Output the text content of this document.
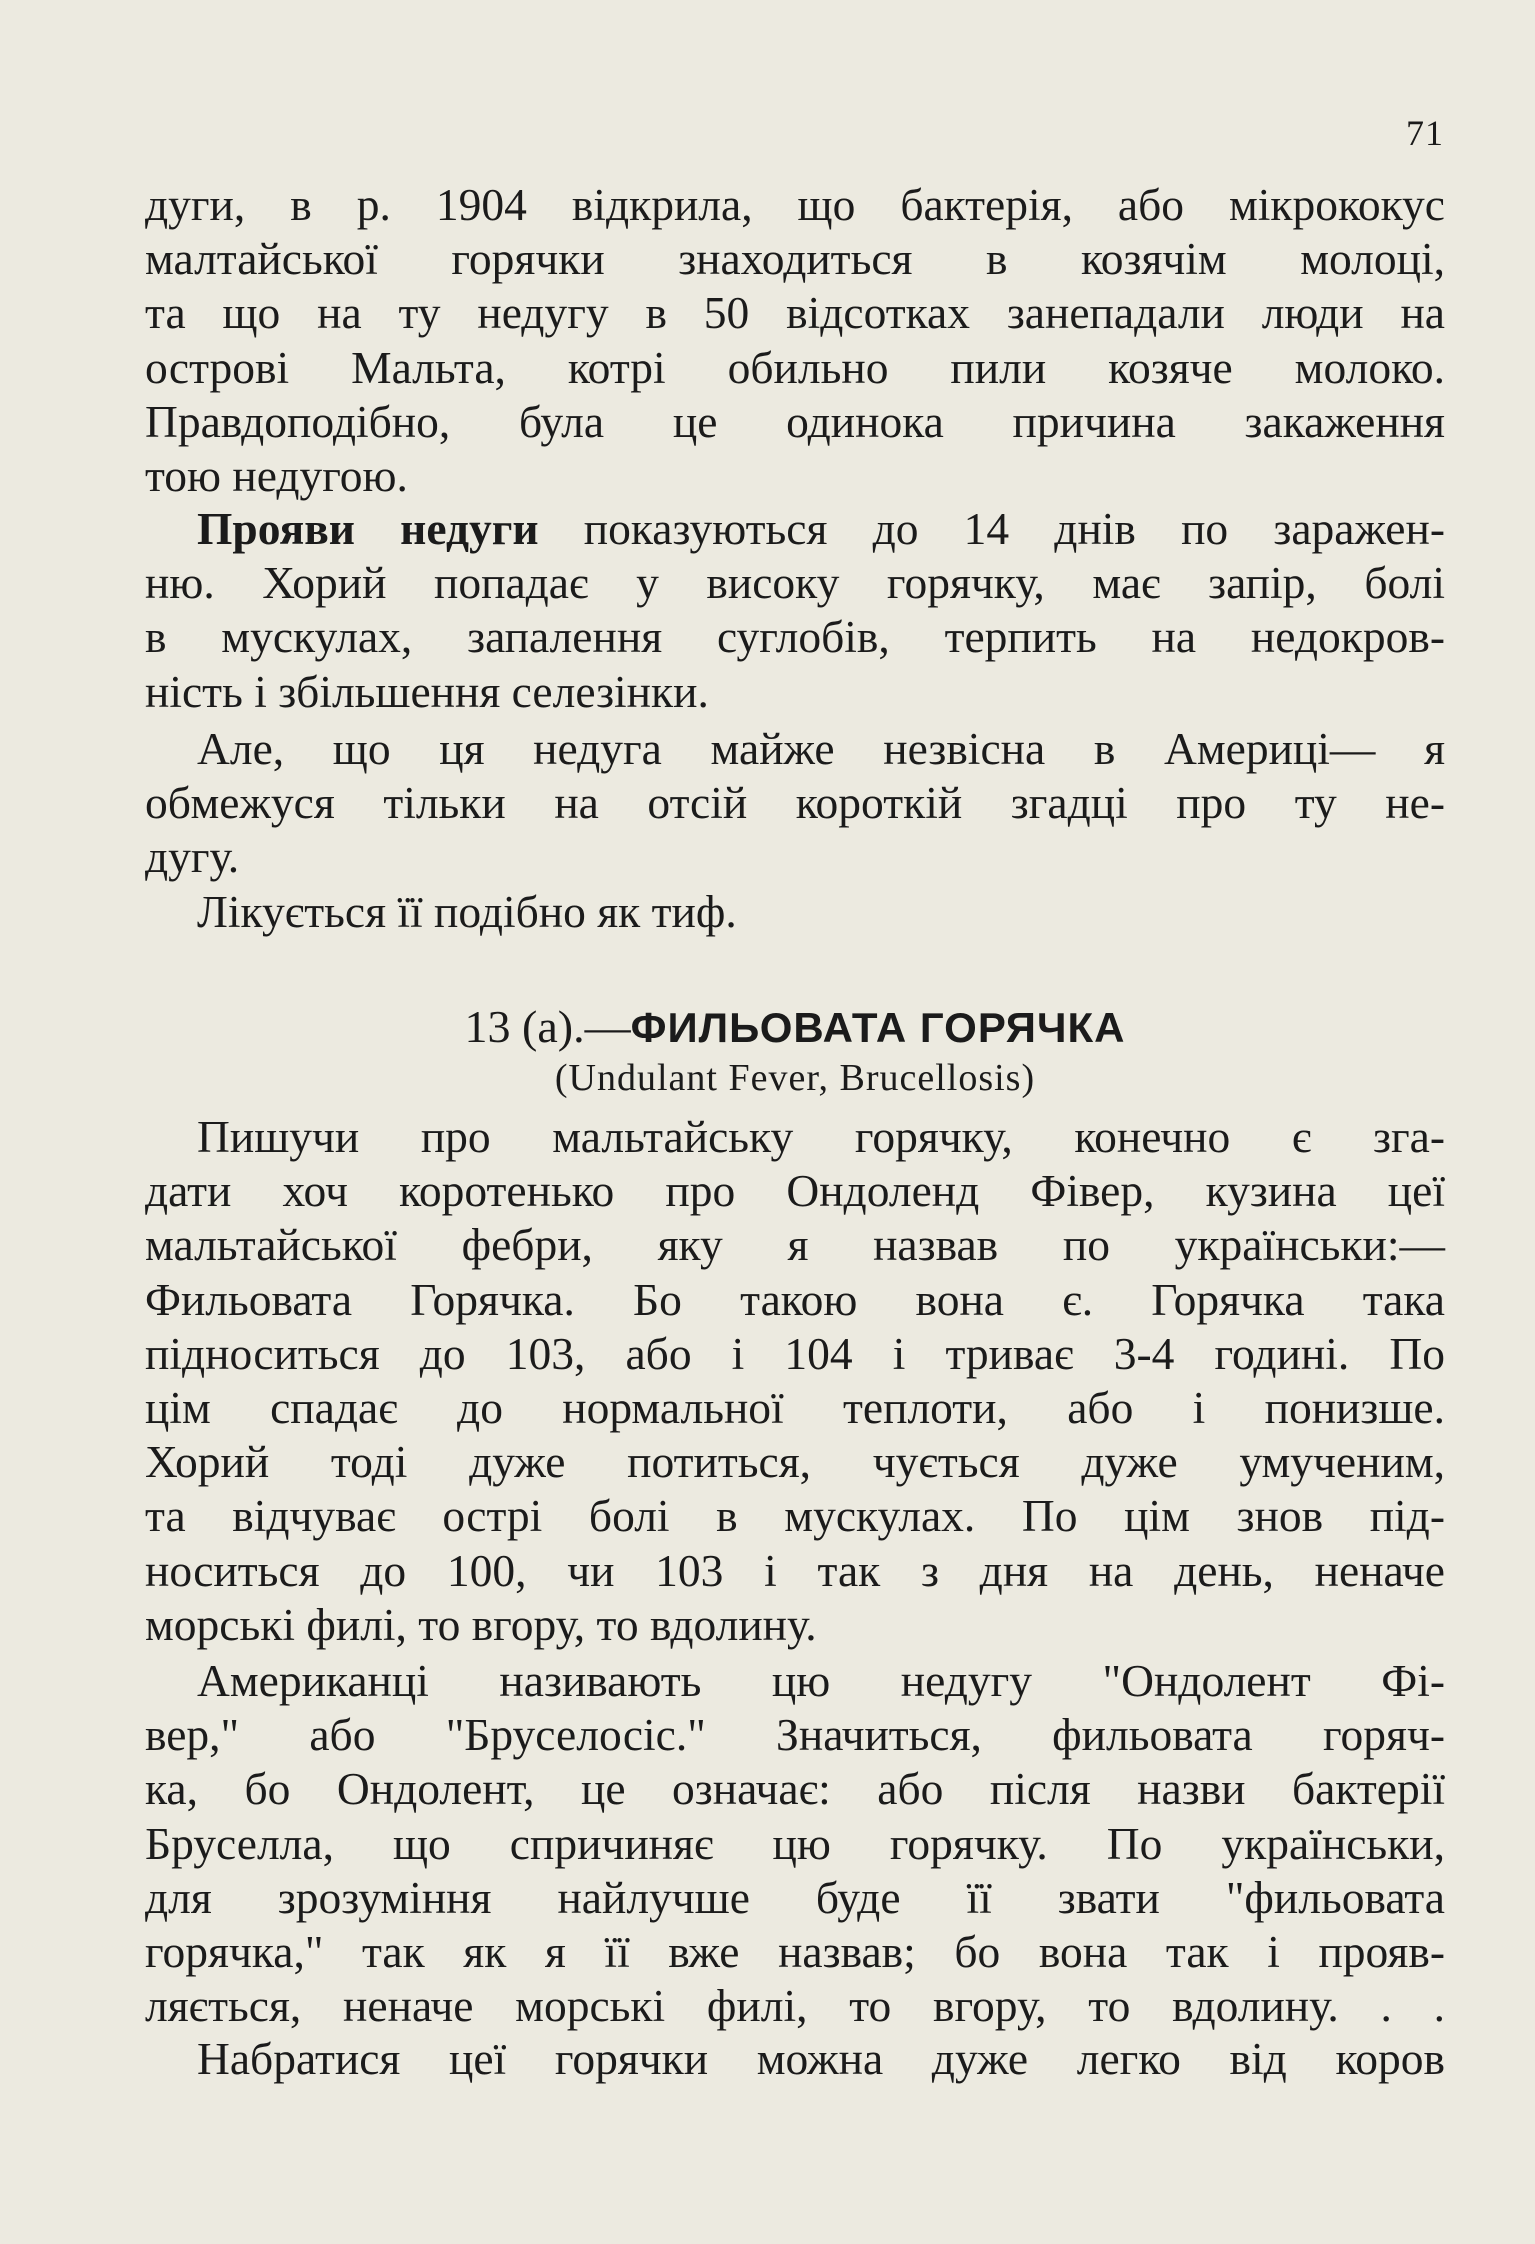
71
дуги, в р. 1904 відкрила, що бактерія, або мікрококус
малтайської горячки знаходиться в козячім молоці,
та що на ту недугу в 50 відсотках занепадали люди на
острові Мальта, котрі обильно пили козяче молоко.
Правдоподібно, була це одинока причина закаження
тою недугою.
Прояви недуги показуються до 14 днів по заражен-
ню. Хорий попадає у високу горячку, має запір, болі
в мускулах, запалення суглобів, терпить на недокров-
ність і збільшення селезінки.
Але, що ця недуга майже незвісна в Америці— я
обмежуся тільки на отсій короткій згадці про ту не-
дугу.
Лікується її подібно як тиф.
13 (а).—ФИЛЬОВАТА ГОРЯЧКА
(Undulant Fever, Brucellosis)
Пишучи про мальтайську горячку, конечно є зга-
дати хоч коротенько про Ондоленд Фівер, кузина цеї
мальтайської фебри, яку я назвав по українськи:—
Фильовата Горячка. Бо такою вона є. Горячка така
підноситься до 103, або і 104 і триває 3-4 годині. По
цім спадає до нормальної теплоти, або і понизше.
Хорий тоді дуже потиться, чується дуже умученим,
та відчуває острі болі в мускулах. По цім знов під-
носиться до 100, чи 103 і так з дня на день, неначе
морські филі, то вгору, то вдолину.
Американці називають цю недугу "Ондолент Фі-
вер," або "Бруселосіс." Значиться, фильовата горяч-
ка, бо Ондолент, це означає: або після назви бактерії
Бруселла, що спричиняє цю горячку. По українськи,
для зрозуміння найлучше буде її звати "фильовата
горячка," так як я її вже назвав; бо вона так і прояв-
ляється, неначе морські филі, то вгору, то вдолину. . .
Набратися цеї горячки можна дуже легко від коров
